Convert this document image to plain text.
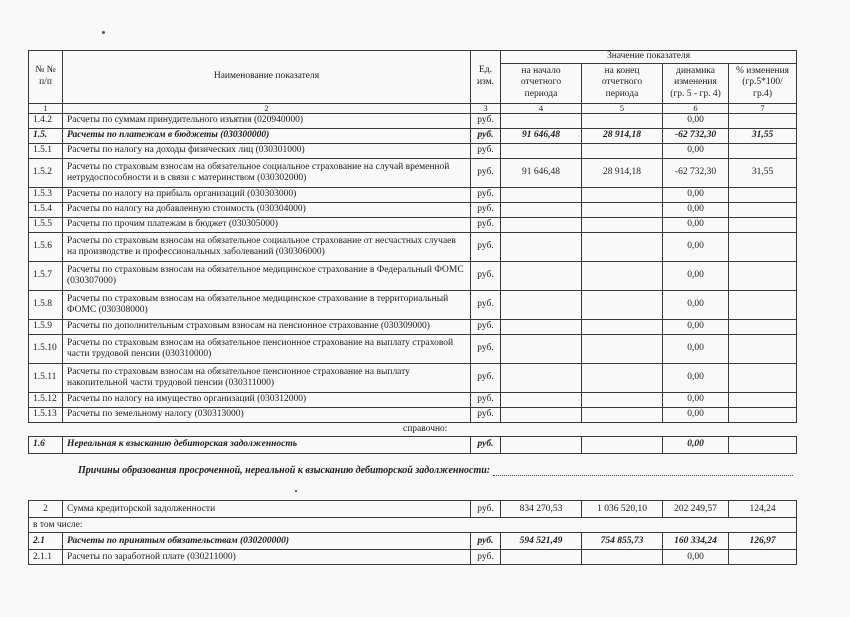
№ № п/п	Наименование показателя	Ед. изм.	Значение показателя			
			на начало отчетного периода	на конец отчетного периода	динамика изменения (гр. 5 - гр. 4)	% изменения (гр.5*100/гр.4)
1	2	3	4	5	6	7
1.4.2	Расчеты по суммам принудительного изъятия (020940000)	руб.			0,00	
1.5.	Расчеты по платежам в бюджеты (030300000)	руб.	91 646,48	28 914,18	-62 732,30	31,55
1.5.1	Расчеты по налогу на доходы физических лиц (030301000)	руб.			0,00	
1.5.2	Расчеты по страховым взносам на обязательное социальное страхование на случай временной нетрудоспособности и в связи с материнством (030302000)	руб.	91 646,48	28 914,18	-62 732,30	31,55
1.5.3	Расчеты по налогу на прибыль организаций (030303000)	руб.			0,00	
1.5.4	Расчеты по налогу на добавленную стоимость (030304000)	руб.			0,00	
1.5.5	Расчеты по прочим платежам в бюджет (030305000)	руб.			0,00	
1.5.6	Расчеты по страховым взносам на обязательное социальное страхование от несчастных случаев на производстве и профессиональных заболеваний (030306000)	руб.			0,00	
1.5.7	Расчеты по страховым взносам на обязательное медицинское страхование в Федеральный ФОМС (030307000)	руб.			0,00	
1.5.8	Расчеты по страховым взносам на обязательное медицинское страхование в территориальный ФОМС (030308000)	руб.			0,00	
1.5.9	Расчеты по дополнительным страховым взносам на пенсионное страхование (030309000)	руб.			0,00	
1.5.10	Расчеты по страховым взносам на обязательное пенсионное страхование на выплату страховой части трудовой пенсии (030310000)	руб.			0,00	
1.5.11	Расчеты по страховым взносам на обязательное пенсионное страхование на выплату накопительной части трудовой пенсии (030311000)	руб.			0,00	
1.5.12	Расчеты по налогу на имущество организаций (030312000)	руб.			0,00	
1.5.13	Расчеты по земельному налогу (030313000)	руб.			0,00	
справочно:						
1.6	Нереальная к взысканию дебиторская задолженность	руб.			0,00	
Причины образования просроченной, нереальной к взысканию дебиторской задолженности:
2	Сумма кредиторской задолженности	руб.	834 270,53	1 036 520,10	202 249,57	124,24
в том числе:						
2.1	Расчеты по принятым обязательствам (030200000)	руб.	594 521,49	754 855,73	160 334,24	126,97
2.1.1	Расчеты по заработной плате (030211000)	руб.			0,00	
